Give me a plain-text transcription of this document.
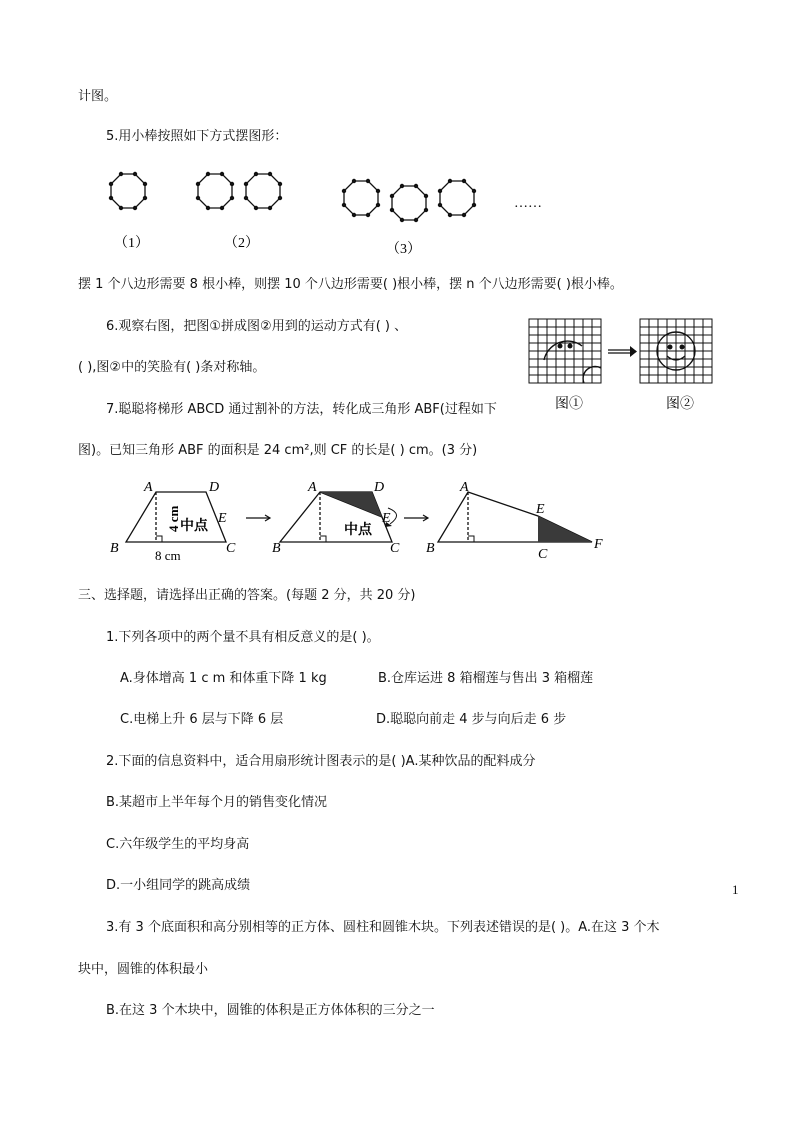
计图。
5.用小棒按照如下方式摆图形：
（1）	（2）	（3）
……
摆 1 个八边形需要 8 根小棒，则摆 10 个八边形需要( )根小棒，摆 n 个八边形需要( )根小棒。
6.观察右图，把图①拼成图②用到的运动方式有( ) 、
( ),图②中的笑脸有( )条对称轴。
图①	图②
7.聪聪将梯形 ABCD 通过割补的方法，转化成三角形 ABF(过程如下
图)。已知三角形 ABF 的面积是 24 cm²,则 CF 的长是( ) cm。(3 分)
A	D
E
B	C
A	D
E
B	C
A
E
B	C
F
4 cm
8 cm
中点	中点
三、选择题，请选择出正确的答案。(每题 2 分，共 20 分)
1.下列各项中的两个量不具有相反意义的是( )。
A.身体增高 1 c m 和体重下降 1 kg	B.仓库运进 8 箱榴莲与售出 3 箱榴莲
C.电梯上升 6 层与下降 6 层	D.聪聪向前走 4 步与向后走 6 步
2.下面的信息资料中，适合用扇形统计图表示的是( )A.某种饮品的配料成分
B.某超市上半年每个月的销售变化情况
C.六年级学生的平均身高
D.一小组同学的跳高成绩	1
3.有 3 个底面积和高分别相等的正方体、圆柱和圆锥木块。下列表述错误的是( )。A.在这 3 个木
块中，圆锥的体积最小
B.在这 3 个木块中，圆锥的体积是正方体体积的三分之一
